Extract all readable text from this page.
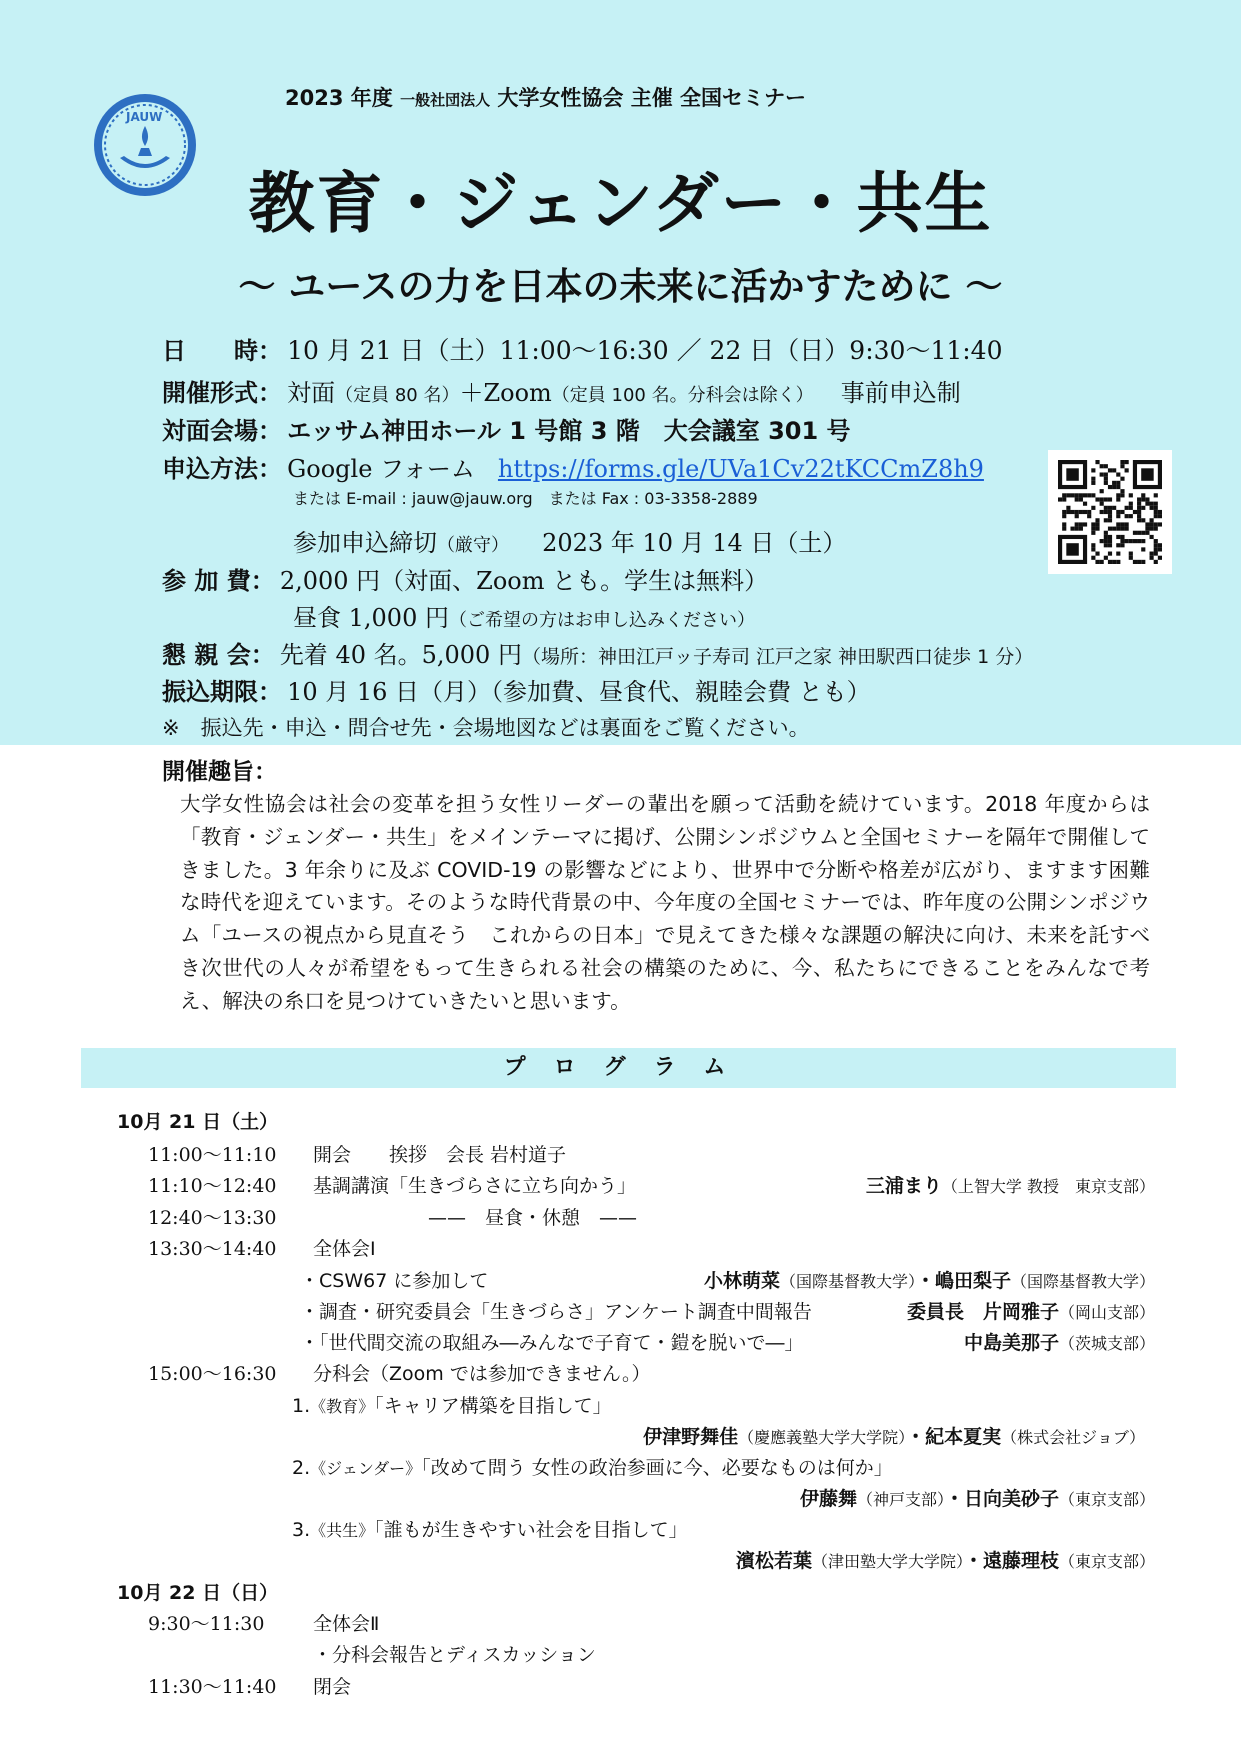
JAUW
2023 年度 一般社団法人 大学女性協会 主催 全国セミナー
教育・ジェンダー・共生
～ ユースの力を日本の未来に活かすために ～
日　　時： 10 月 21 日（土）11:00～16:30 ／ 22 日（日）9:30～11:40
開催形式： 対面（定員 80 名）＋Zoom（定員 100 名。分科会は除く） 事前申込制
対面会場： エッサム神田ホール 1 号館 3 階　大会議室 301 号
申込方法： Google フォーム https://forms.gle/UVa1Cv22tKCCmZ8h9
または E-mail : jauw@jauw.org　または Fax : 03-3358-2889
参加申込締切（厳守） 2023 年 10 月 14 日（土）
参 加 費： 2,000 円（対面、Zoom とも。学生は無料）
昼食 1,000 円（ご希望の方はお申し込みください）
懇 親 会： 先着 40 名。5,000 円（場所：神田江戸ッ子寿司 江戸之家 神田駅西口徒歩 1 分）
振込期限： 10 月 16 日（月）（参加費、昼食代、親睦会費 とも）
※　振込先・申込・問合せ先・会場地図などは裏面をご覧ください。
開催趣旨：
大学女性協会は社会の変革を担う女性リーダーの輩出を願って活動を続けています。2018 年度からは「教育・ジェンダー・共生」をメインテーマに掲げ、公開シンポジウムと全国セミナーを隔年で開催してきました。3 年余りに及ぶ COVID-19 の影響などにより、世界中で分断や格差が広がり、ますます困難な時代を迎えています。そのような時代背景の中、今年度の全国セミナーでは、昨年度の公開シンポジウム「ユースの視点から見直そう　これからの日本」で見えてきた様々な課題の解決に向け、未来を託すべき次世代の人々が希望をもって生きられる社会の構築のために、今、私たちにできることをみんなで考え、解決の糸口を見つけていきたいと思います。
プログラム
10月 21 日（土）
11:00～11:10 開会　　挨拶　会長 岩村道子
11:10～12:40 基調講演「生きづらさに立ち向かう」	三浦まり（上智大学 教授　東京支部）
12:40～13:30	——　昼食・休憩　——
13:30～14:40 全体会Ⅰ
・CSW67 に参加して	小林萌菜（国際基督教大学）・嶋田梨子（国際基督教大学）
・調査・研究委員会「生きづらさ」アンケート調査中間報告	委員長　片岡雅子（岡山支部）
・「世代間交流の取組み―みんなで子育て・鎧を脱いで―」	中島美那子（茨城支部）
15:00～16:30 分科会（Zoom では参加できません。）
1.《教育》「キャリア構築を目指して」
伊津野舞佳（慶應義塾大学大学院）・紀本夏実（株式会社ジョブ）
2.《ジェンダー》「改めて問う 女性の政治参画に今、必要なものは何か」
伊藤舞（神戸支部）・日向美砂子（東京支部）
3.《共生》「誰もが生きやすい社会を目指して」
濱松若葉（津田塾大学大学院）・遠藤理枝（東京支部）
10月 22 日（日）
9:30～11:30	全体会Ⅱ
・分科会報告とディスカッション
11:30～11:40 閉会
